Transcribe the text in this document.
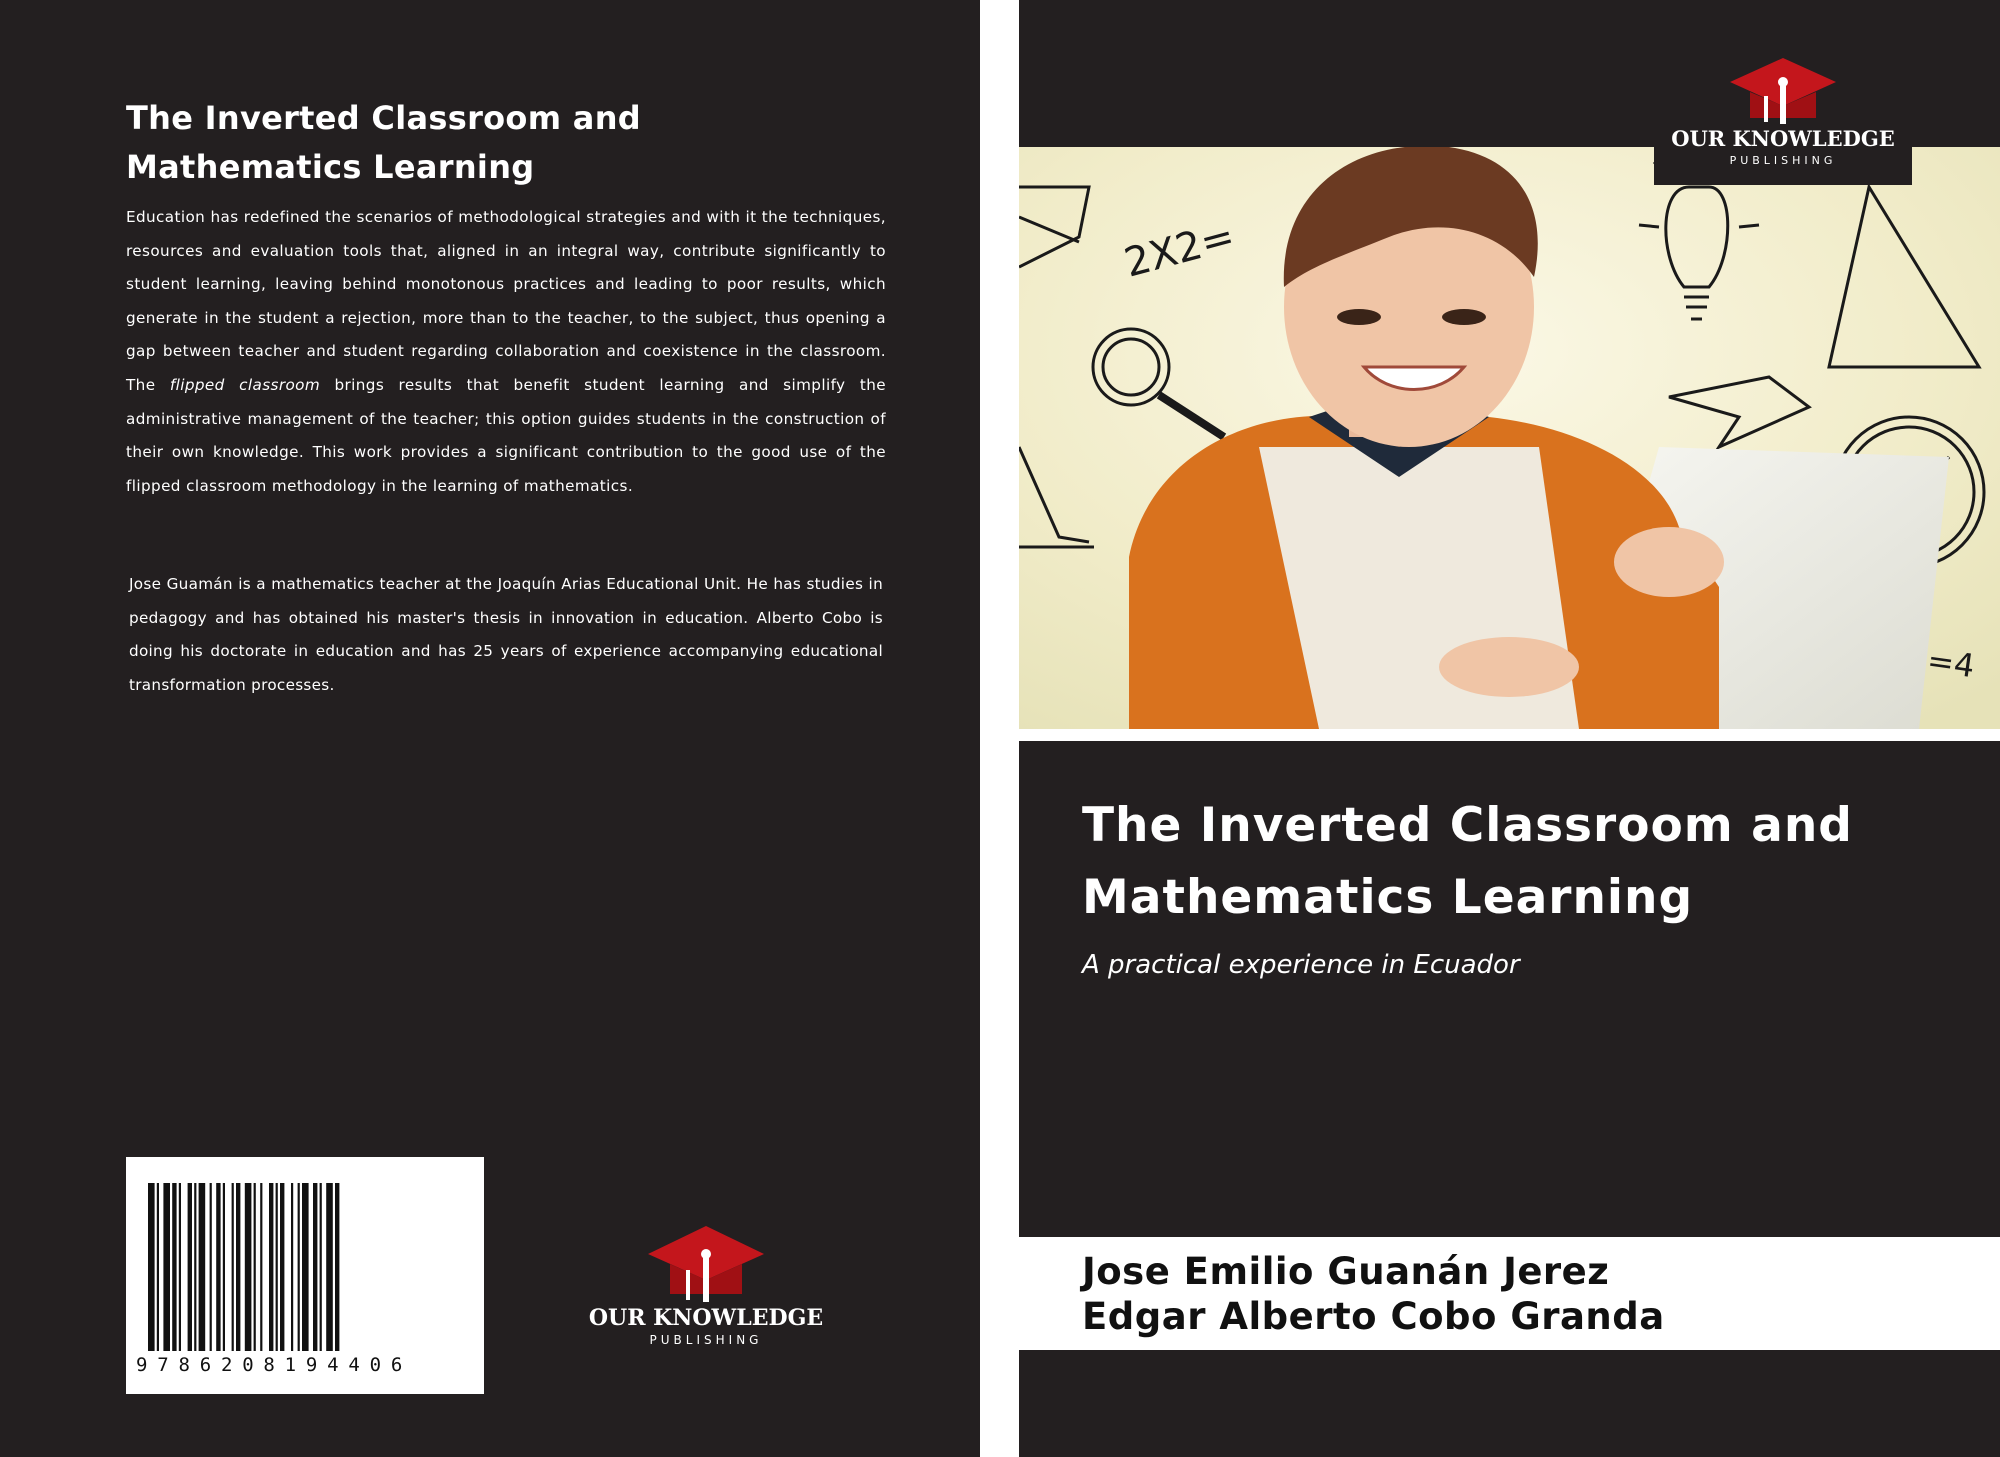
The Inverted Classroom and Mathematics Learning

Education has redefined the scenarios of methodological strategies and with it the techniques, resources and evaluation tools that, aligned in an integral way, contribute significantly to student learning, leaving behind monotonous practices and leading to poor results, which generate in the student a rejection, more than to the teacher, to the subject, thus opening a gap between teacher and student regarding collaboration and coexistence in the classroom. The flipped classroom brings results that benefit student learning and simplify the administrative management of the teacher; this option guides students in the construction of their own knowledge. This work provides a significant contribution to the good use of the flipped classroom methodology in the learning of mathematics.

Jose Guamán is a mathematics teacher at the Joaquín Arias Educational Unit. He has studies in pedagogy and has obtained his master's thesis in innovation in education. Alberto Cobo is doing his doctorate in education and has 25 years of experience accompanying educational transformation processes.

9786208194406
OUR KNOWLEDGE
PUBLISHING
2X2=
OUR KNOWLEDGE
PUBLISHING
The Inverted Classroom and Mathematics Learning

A practical experience in Ecuador

Jose Emilio Guanán Jerez

Edgar Alberto Cobo Granda
